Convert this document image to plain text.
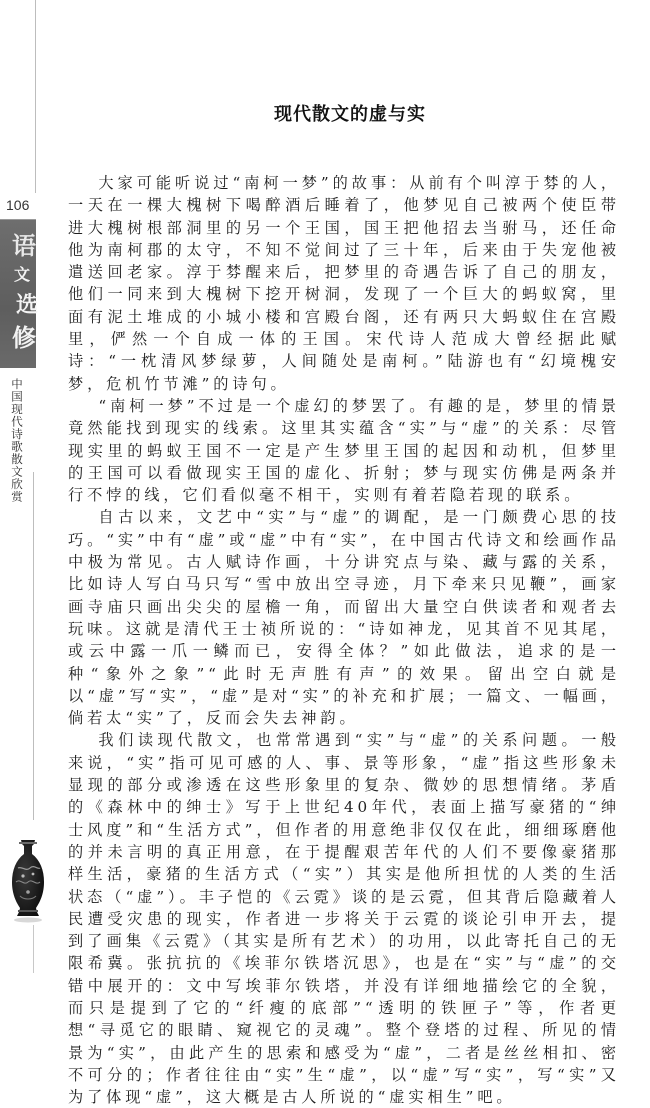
106
语
文
选
修
中国现代诗歌散文欣赏
现代散文的虚与实

大家可能听说过“南柯一梦”的故事：从前有个叫淳于棼的人，一天在一棵大槐树下喝醉酒后睡着了，他梦见自己被两个使臣带进大槐树根部洞里的另一个王国，国王把他招去当驸马，还任命他为南柯郡的太守，不知不觉间过了三十年，后来由于失宠他被遣送回老家。淳于棼醒来后，把梦里的奇遇告诉了自己的朋友，他们一同来到大槐树下挖开树洞，发现了一个巨大的蚂蚁窝，里面有泥土堆成的小城小楼和宫殿台阁，还有两只大蚂蚁住在宫殿里，俨然一个自成一体的王国。宋代诗人范成大曾经据此赋诗：“一枕清风梦绿萝，人间随处是南柯。”陆游也有“幻境槐安梦，危机竹节滩”的诗句。

“南柯一梦”不过是一个虚幻的梦罢了。有趣的是，梦里的情景竟然能找到现实的线索。这里其实蕴含“实”与“虚”的关系：尽管现实里的蚂蚁王国不一定是产生梦里王国的起因和动机，但梦里的王国可以看做现实王国的虚化、折射；梦与现实仿佛是两条并行不悖的线，它们看似毫不相干，实则有着若隐若现的联系。

自古以来，文艺中“实”与“虚”的调配，是一门颇费心思的技巧。“实”中有“虚”或“虚”中有“实”，在中国古代诗文和绘画作品中极为常见。古人赋诗作画，十分讲究点与染、藏与露的关系，比如诗人写白马只写“雪中放出空寻迹，月下牵来只见鞭”，画家画寺庙只画出尖尖的屋檐一角，而留出大量空白供读者和观者去玩味。这就是清代王士祯所说的：“诗如神龙，见其首不见其尾，或云中露一爪一鳞而已，安得全体？”如此做法，追求的是一种“象外之象”“此时无声胜有声”的效果。留出空白就是以“虚”写“实”，“虚”是对“实”的补充和扩展；一篇文、一幅画，倘若太“实”了，反而会失去神韵。

我们读现代散文，也常常遇到“实”与“虚”的关系问题。一般来说，“实”指可见可感的人、事、景等形象，“虚”指这些形象未显现的部分或渗透在这些形象里的复杂、微妙的思想情绪。茅盾的《森林中的绅士》写于上世纪40年代，表面上描写豪猪的“绅士风度”和“生活方式”，但作者的用意绝非仅仅在此，细细琢磨他的并未言明的真正用意，在于提醒艰苦年代的人们不要像豪猪那样生活，豪猪的生活方式（“实”）其实是他所担忧的人类的生活状态（“虚”）。丰子恺的《云霓》谈的是云霓，但其背后隐藏着人民遭受灾患的现实，作者进一步将关于云霓的谈论引申开去，提到了画集《云霓》（其实是所有艺术）的功用，以此寄托自己的无限希冀。张抗抗的《埃菲尔铁塔沉思》，也是在“实”与“虚”的交错中展开的：文中写埃菲尔铁塔，并没有详细地描绘它的全貌，而只是提到了它的“纤瘦的底部”“透明的铁匣子”等，作者更想“寻觅它的眼睛、窥视它的灵魂”。整个登塔的过程、所见的情景为“实”，由此产生的思索和感受为“虚”，二者是丝丝相扣、密不可分的；作者往往由“实”生“虚”，以“虚”写“实”，写“实”又为了体现“虚”，这大概是古人所说的“虚实相生”吧。
